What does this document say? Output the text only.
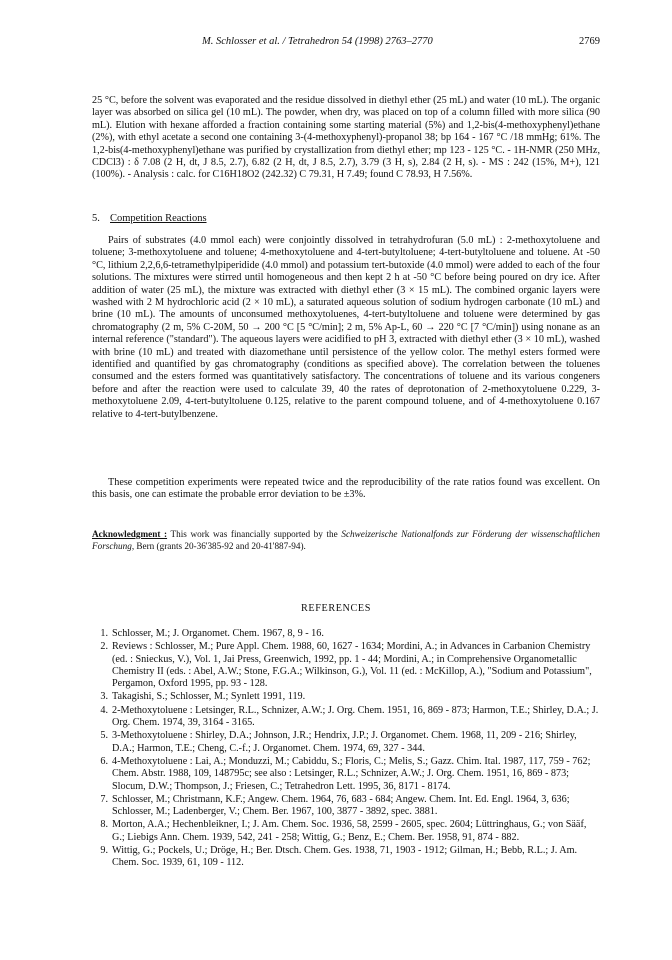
M. Schlosser et al. / Tetrahedron 54 (1998) 2763–2770	2769
25 °C, before the solvent was evaporated and the residue dissolved in diethyl ether (25 mL) and water (10 mL). The organic layer was absorbed on silica gel (10 mL). The powder, when dry, was placed on top of a column filled with more silica (90 mL). Elution with hexane afforded a fraction containing some starting material (5%) and 1,2-bis(4-methoxyphenyl)ethane (2%), with ethyl acetate a second one containing 3-(4-methoxyphenyl)-propanol 38; bp 164 - 167 °C /18 mmHg; 61%. The 1,2-bis(4-methoxyphenyl)ethane was purified by crystallization from diethyl ether; mp 123 - 125 °C. - 1H-NMR (250 MHz, CDCl3) : δ 7.08 (2 H, dt, J 8.5, 2.7), 6.82 (2 H, dt, J 8.5, 2.7), 3.79 (3 H, s), 2.84 (2 H, s). - MS : 242 (15%, M+), 121 (100%). - Analysis : calc. for C16H18O2 (242.32) C 79.31, H 7.49; found C 78.93, H 7.56%.
5. Competition Reactions
Pairs of substrates (4.0 mmol each) were conjointly dissolved in tetrahydrofuran (5.0 mL) : 2-methoxytoluene and toluene; 3-methoxytoluene and toluene; 4-methoxytoluene and 4-tert-butyltoluene; 4-tert-butyltoluene and toluene. At -50 °C, lithium 2,2,6,6-tetramethylpiperidide (4.0 mmol) and potassium tert-butoxide (4.0 mmol) were added to each of the four solutions. The mixtures were stirred until homogeneous and then kept 2 h at -50 °C before being poured on dry ice. After addition of water (25 mL), the mixture was extracted with diethyl ether (3 × 15 mL). The combined organic layers were washed with 2 M hydrochloric acid (2 × 10 mL), a saturated aqueous solution of sodium hydrogen carbonate (10 mL) and brine (10 mL). The amounts of unconsumed methoxytoluenes, 4-tert-butyltoluene and toluene were determined by gas chromatography (2 m, 5% C-20M, 50 → 200 °C [5 °C/min]; 2 m, 5% Ap-L, 60 → 220 °C [7 °C/min]) using nonane as an internal reference ("standard"). The aqueous layers were acidified to pH 3, extracted with diethyl ether (3 × 10 mL), washed with brine (10 mL) and treated with diazomethane until persistence of the yellow color. The methyl esters formed were identified and quantified by gas chromatography (conditions as specified above). The correlation between the toluenes consumed and the esters formed was quantitatively satisfactory. The concentrations of toluene and its various congeners before and after the reaction were used to calculate 39, 40 the rates of deprotonation of 2-methoxytoluene 0.229, 3-methoxytoluene 2.09, 4-tert-butyltoluene 0.125, relative to the parent compound toluene, and of 4-methoxytoluene 0.167 relative to 4-tert-butylbenzene.
These competition experiments were repeated twice and the reproducibility of the rate ratios found was excellent. On this basis, one can estimate the probable error deviation to be ±3%.
Acknowledgment : This work was financially supported by the Schweizerische Nationalfonds zur Förderung der wissenschaftlichen Forschung, Bern (grants 20-36'385-92 and 20-41'887-94).
REFERENCES
1. Schlosser, M.; J. Organomet. Chem. 1967, 8, 9 - 16.
2. Reviews : Schlosser, M.; Pure Appl. Chem. 1988, 60, 1627 - 1634; Mordini, A.; in Advances in Carbanion Chemistry (ed. : Snieckus, V.), Vol. 1, Jai Press, Greenwich, 1992, pp. 1 - 44; Mordini, A.; in Comprehensive Organometallic Chemistry II (eds. : Abel, A.W.; Stone, F.G.A.; Wilkinson, G.), Vol. 11 (ed. : McKillop, A.), "Sodium and Potassium", Pergamon, Oxford 1995, pp. 93 - 128.
3. Takagishi, S.; Schlosser, M.; Synlett 1991, 119.
4. 2-Methoxytoluene : Letsinger, R.L., Schnizer, A.W.; J. Org. Chem. 1951, 16, 869 - 873; Harmon, T.E.; Shirley, D.A.; J. Org. Chem. 1974, 39, 3164 - 3165.
5. 3-Methoxytoluene : Shirley, D.A.; Johnson, J.R.; Hendrix, J.P.; J. Organomet. Chem. 1968, 11, 209 - 216; Shirley, D.A.; Harmon, T.E.; Cheng, C.-f.; J. Organomet. Chem. 1974, 69, 327 - 344.
6. 4-Methoxytoluene : Lai, A.; Monduzzi, M.; Cabiddu, S.; Floris, C.; Melis, S.; Gazz. Chim. Ital. 1987, 117, 759 - 762; Chem. Abstr. 1988, 109, 148795c; see also : Letsinger, R.L.; Schnizer, A.W.; J. Org. Chem. 1951, 16, 869 - 873; Slocum, D.W.; Thompson, J.; Friesen, C.; Tetrahedron Lett. 1995, 36, 8171 - 8174.
7. Schlosser, M.; Christmann, K.F.; Angew. Chem. 1964, 76, 683 - 684; Angew. Chem. Int. Ed. Engl. 1964, 3, 636; Schlosser, M.; Ladenberger, V.; Chem. Ber. 1967, 100, 3877 - 3892, spec. 3881.
8. Morton, A.A.; Hechenbleikner, I.; J. Am. Chem. Soc. 1936, 58, 2599 - 2605, spec. 2604; Lüttringhaus, G.; von Sääf, G.; Liebigs Ann. Chem. 1939, 542, 241 - 258; Wittig, G.; Benz, E.; Chem. Ber. 1958, 91, 874 - 882.
9. Wittig, G.; Pockels, U.; Dröge, H.; Ber. Dtsch. Chem. Ges. 1938, 71, 1903 - 1912; Gilman, H.; Bebb, R.L.; J. Am. Chem. Soc. 1939, 61, 109 - 112.
